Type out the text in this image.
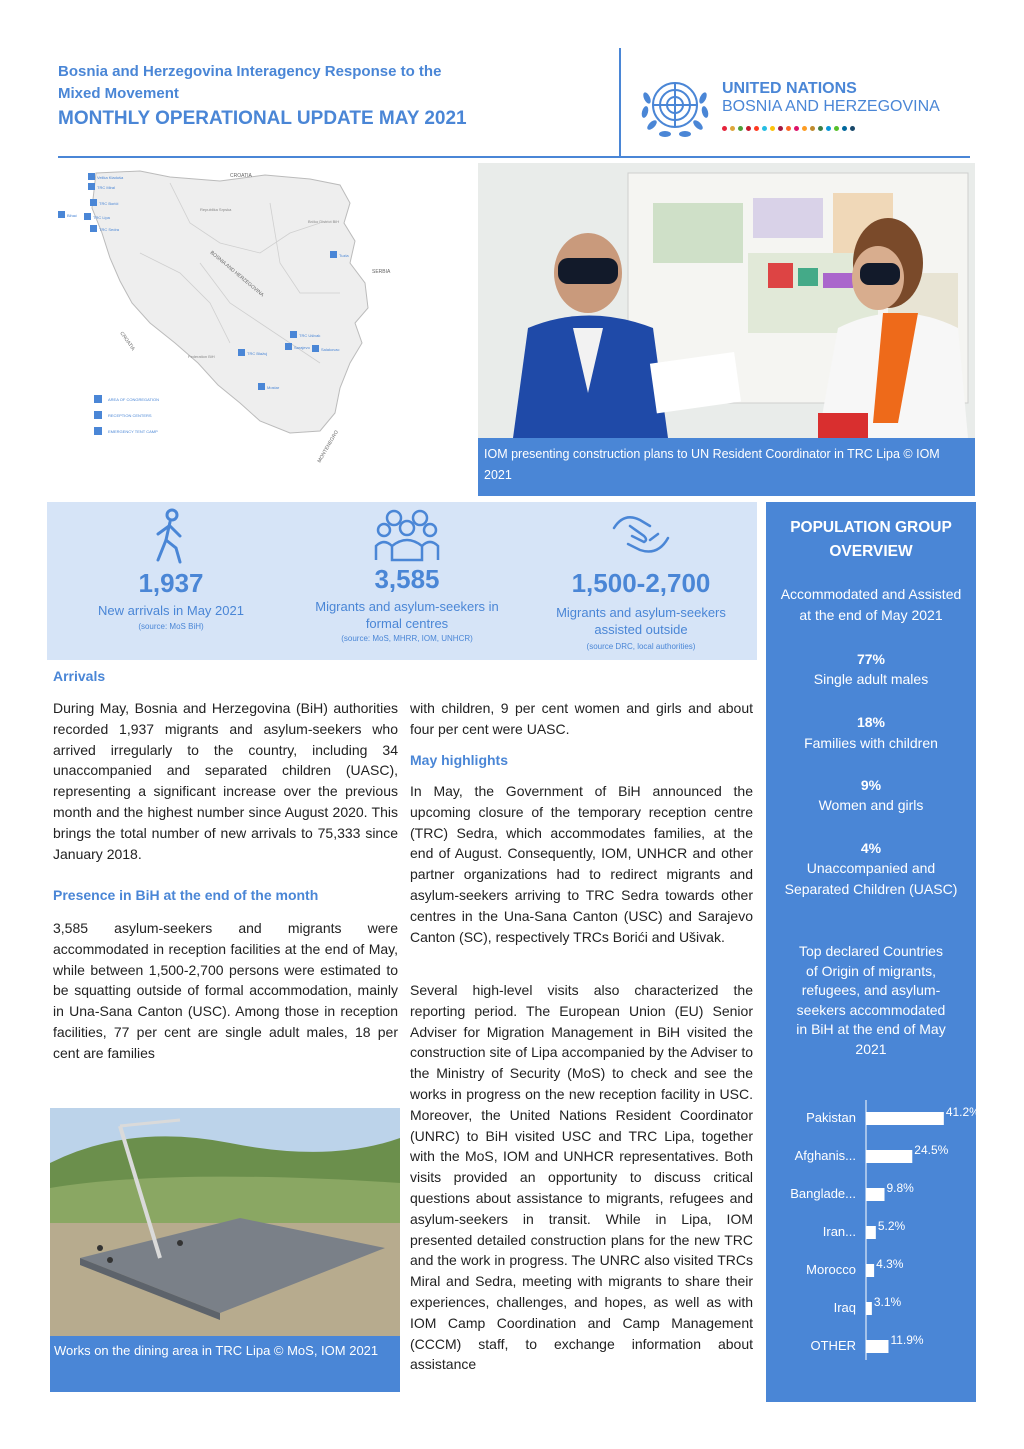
Bosnia and Herzegovina Interagency Response to the
Mixed Movement
MONTHLY OPERATIONAL UPDATE MAY 2021
UNITED NATIONS
BOSNIA AND HERZEGOVINA
CROATIA
CROATIA
SERBIA
MONTENEGRO
BOSNIA AND HERZEGOVINA
Republika Srpska
Federation BiH
Brčko District BiH
Velika Kladuša
TRC Miral
TRC Borići
Bihać	TRC Lipa
TRC Sedra
Tuzla
TRC Ušivak
Sarajevo	Salakovac
TRC Blažuj
Mostar
AREA OF CONGREGATION
RECEPTION CENTERS
EMERGENCY TENT CAMP
IOM presenting construction plans to UN Resident Coordinator in TRC Lipa © IOM 2021
1,937
New arrivals in May 2021
(source: MoS BiH)
3,585
Migrants and asylum-seekers in formal centres
(source: MoS, MHRR, IOM, UNHCR)
1,500-2,700
Migrants and asylum-seekers assisted outside
(source DRC, local authorities)
Arrivals

During May, Bosnia and Herzegovina (BiH) authorities recorded 1,937 migrants and asylum-seekers who arrived irregularly to the country, including 34 unaccompanied and separated children (UASC), representing a significant increase over the previous month and the highest number since August 2020. This brings the total number of new arrivals to 75,333 since January 2018.

Presence in BiH at the end of the month

3,585 asylum-seekers and migrants were accommodated in reception facilities at the end of May, while between 1,500-2,700 persons were estimated to be squatting outside of formal accommodation, mainly in Una-Sana Canton (USC). Among those in reception facilities, 77 per cent are single adult males, 18 per cent are families

Works on the dining area in TRC Lipa © MoS, IOM 2021

with children, 9 per cent women and girls and about four per cent were UASC.

May highlights

In May, the Government of BiH announced the upcoming closure of the temporary reception centre (TRC) Sedra, which accommodates families, at the end of August. Consequently, IOM, UNHCR and other partner organizations had to redirect migrants and asylum-seekers arriving to TRC Sedra towards other centres in the Una-Sana Canton (USC) and Sarajevo Canton (SC), respectively TRCs Borići and Ušivak.

Several high-level visits also characterized the reporting period. The European Union (EU) Senior Adviser for Migration Management in BiH visited the construction site of Lipa accompanied by the Adviser to the Ministry of Security (MoS) to check and see the works in progress on the new reception facility in USC. Moreover, the United Nations Resident Coordinator (UNRC) to BiH visited USC and TRC Lipa, together with the MoS, IOM and UNHCR representatives. Both visits provided an opportunity to discuss critical questions about assistance to migrants, refugees and asylum-seekers in transit. While in Lipa, IOM presented detailed construction plans for the new TRC and the work in progress. The UNRC also visited TRCs Miral and Sedra, meeting with migrants to share their experiences, challenges, and hopes, as well as with IOM Camp Coordination and Camp Management (CCCM) staff, to exchange information about assistance

POPULATION GROUP OVERVIEW
Accommodated and Assisted at the end of May 2021
77%
Single adult males
18%
Families with children
9%
Women and girls
4%
Unaccompanied and Separated Children (UASC)
Top declared Countries of Origin of migrants, refugees, and asylum-seekers accommodated in BiH at the end of May 2021
Pakistan	41.2%
Afghanis...	24.5%
Banglade...	9.8%
Iran... 5.2%
Morocco 4.3%
Iraq 3.1%
OTHER	11.9%
